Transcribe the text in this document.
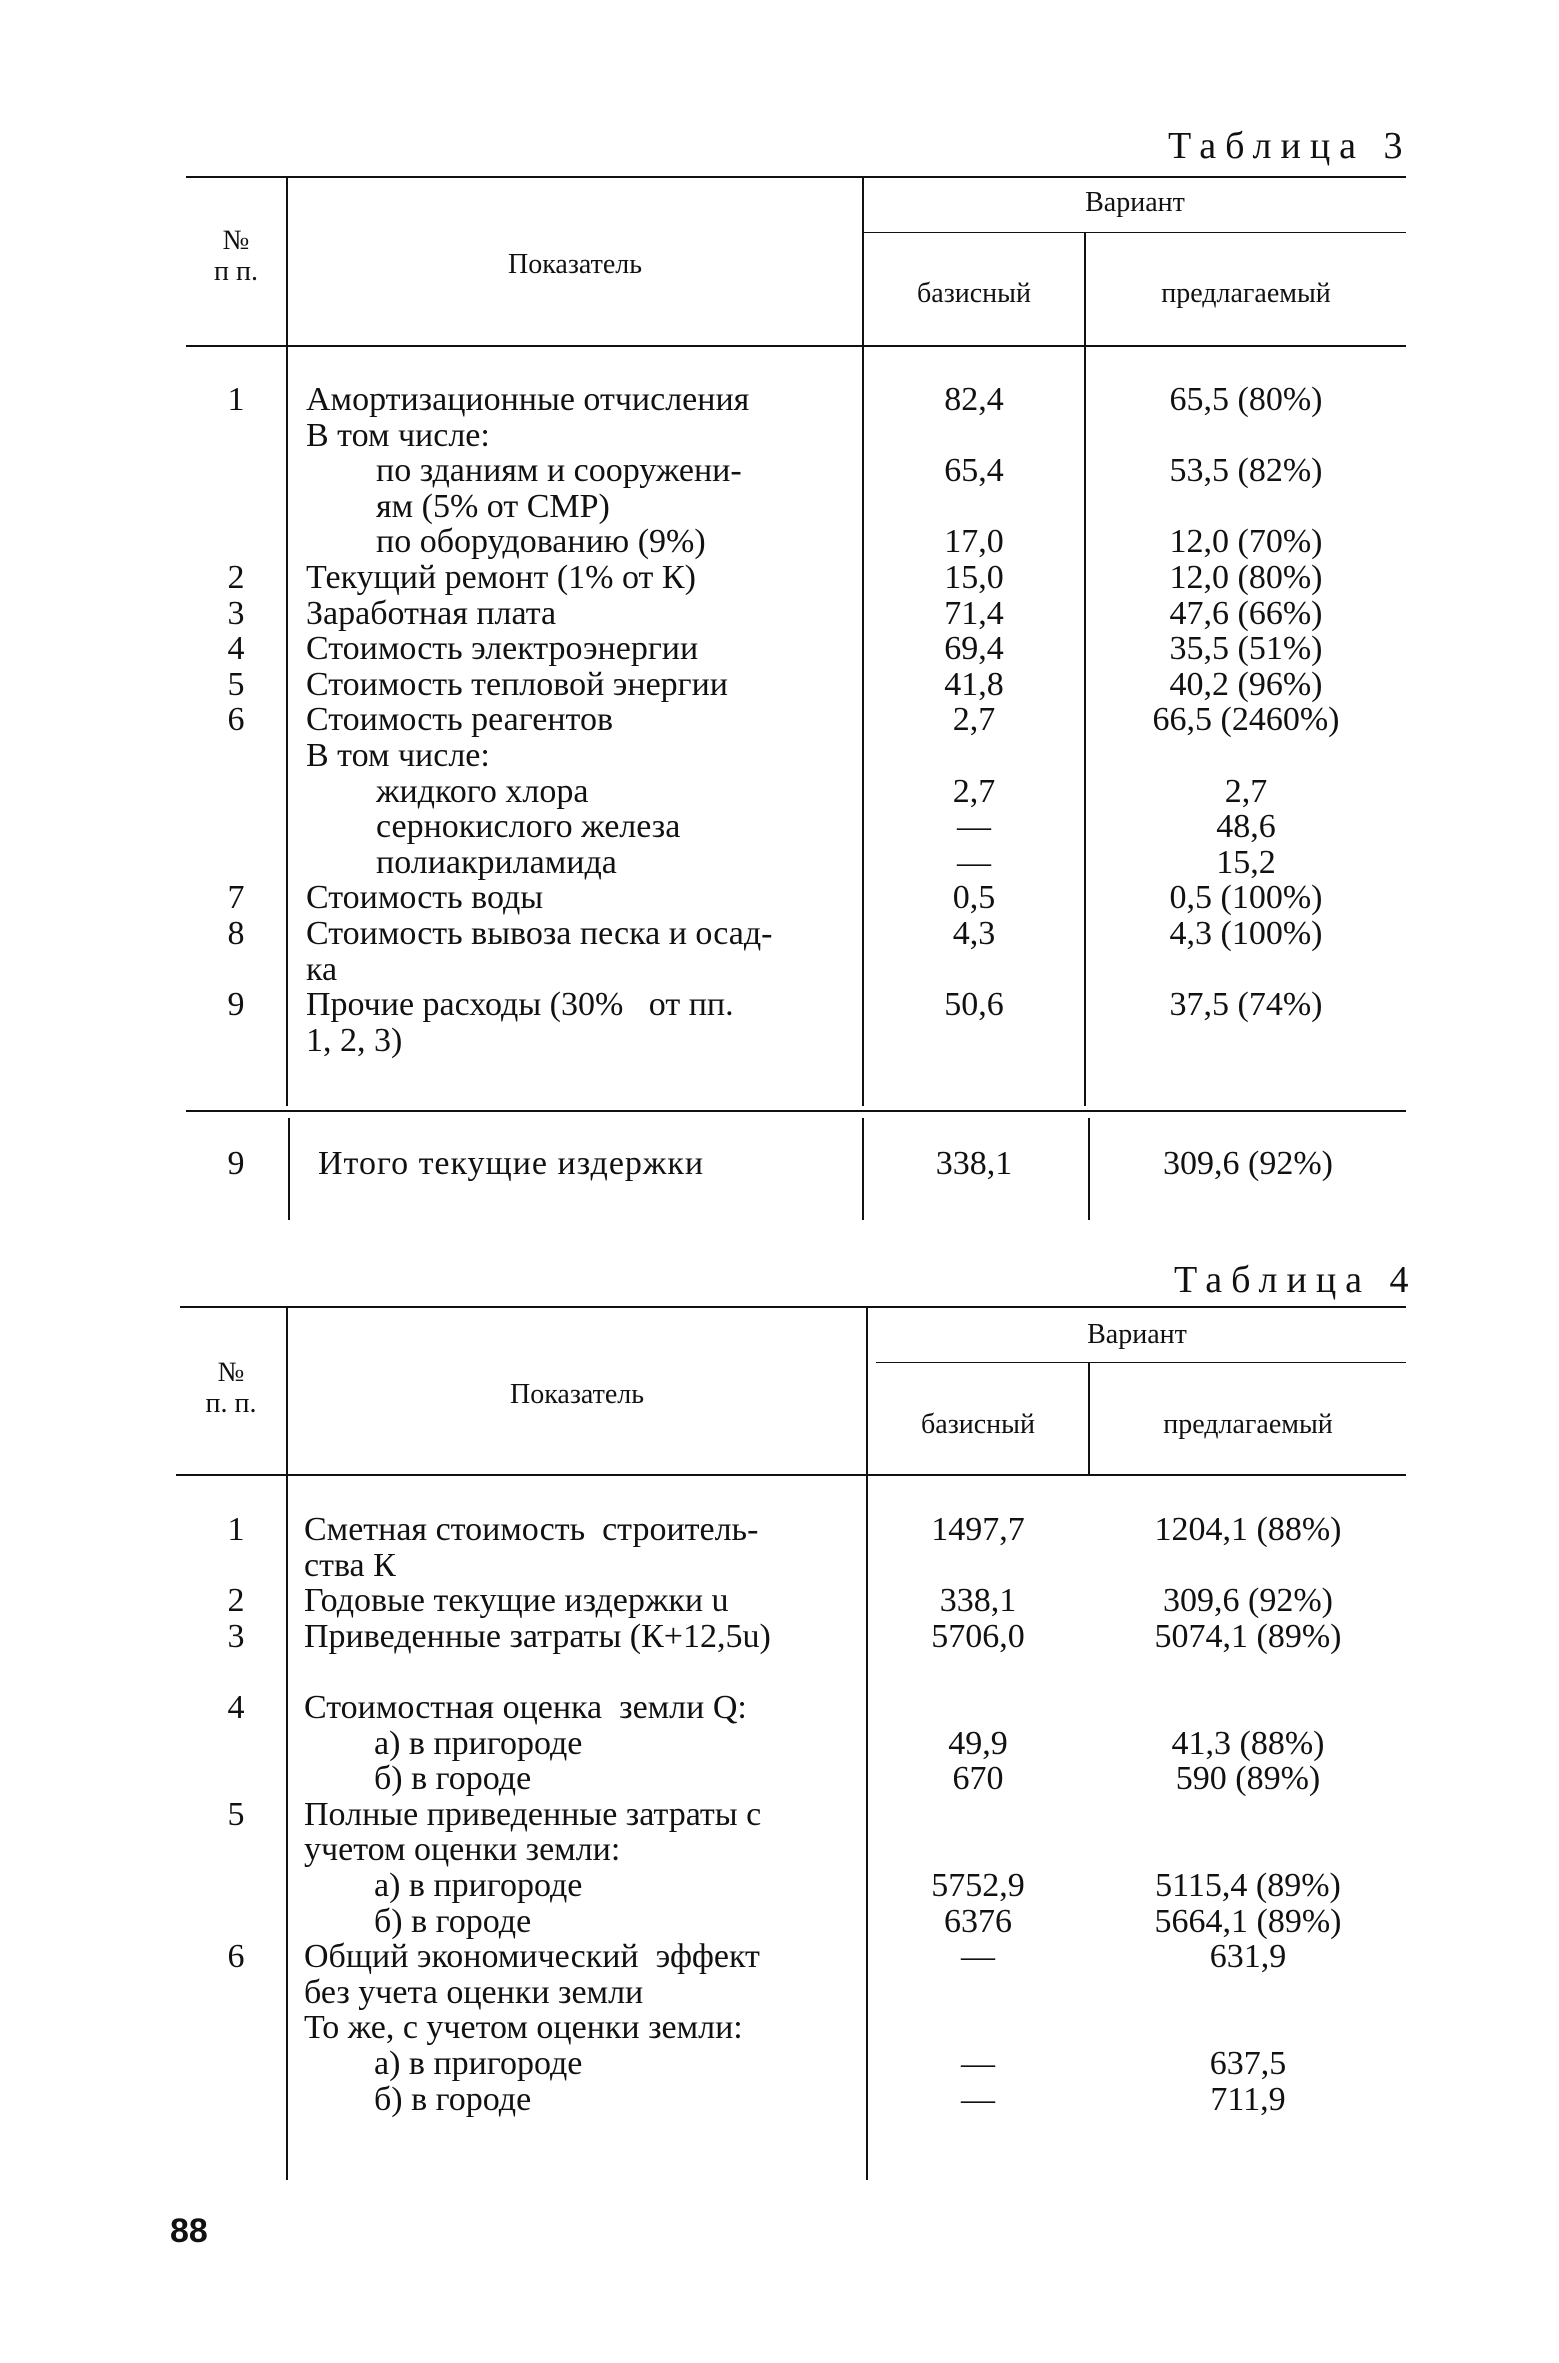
Таблица 3
№
п п.	Показатель
Вариант
базисный	предлагаемый
1	Амортизационные отчисления	82,4	65,5 (80%)
В том числе:
по зданиям и сооружени-	65,4	53,5 (82%)
ям (5% от СМР)
по оборудованию (9%)	17,0	12,0 (70%)
2	Текущий ремонт (1% от К)	15,0	12,0 (80%)
3	Заработная плата	71,4	47,6 (66%)
4	Стоимость электроэнергии	69,4	35,5 (51%)
5	Стоимость тепловой энергии	41,8	40,2 (96%)
6	Стоимость реагентов	2,7	66,5 (2460%)
В том числе:
жидкого хлора	2,7	2,7
сернокислого железа	—	48,6
полиакриламида	—	15,2
7	Стоимость воды	0,5	0,5 (100%)
8	Стоимость вывоза песка и осад-	4,3	4,3 (100%)
ка
9	Прочие расходы (30%   от пп.	50,6	37,5 (74%)
1, 2, 3)
9	Итого текущие издержки	338,1	309,6 (92%)
Таблица 4
№
п. п.	Показатель
Вариант
базисный	предлагаемый
1	Сметная стоимость  строитель-	1497,7	1204,1 (88%)
ства К
2	Годовые текущие издержки u	338,1	309,6 (92%)
3	Приведенные затраты (К+12,5u)	5706,0	5074,1 (89%)
4	Стоимостная оценка  земли Q:
а) в пригороде	49,9	41,3 (88%)
б) в городе	670	590 (89%)
5	Полные приведенные затраты с
учетом оценки земли:
а) в пригороде	5752,9	5115,4 (89%)
б) в городе	6376	5664,1 (89%)
6	Общий экономический  эффект	—	631,9
без учета оценки земли
То же, с учетом оценки земли:
а) в пригороде	—	637,5
б) в городе	—	711,9
88
